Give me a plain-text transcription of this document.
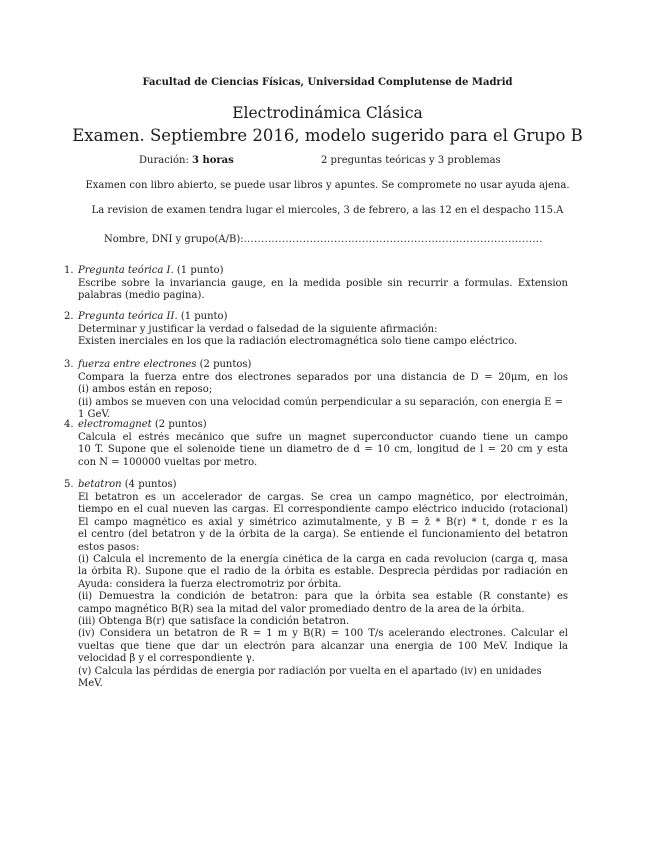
Facultad de Ciencias Físicas, Universidad Complutense de Madrid
Electrodinámica Clásica
Examen. Septiembre 2016, modelo sugerido para el Grupo B
Duración: 3 horas	2 preguntas teóricas y 3 problemas
Examen con libro abierto, se puede usar libros y apuntes. Se compromete no usar ayuda ajena.
La revision de examen tendra lugar el miercoles, 3 de febrero, a las 12 en el despacho 115.A
Nombre, DNI y grupo(A/B):......................................................................................
1. Pregunta teórica I. (1 punto)
Escribe sobre la invariancia gauge, en la medida posible sin recurrir a formulas. Extension
palabras (medio pagina).
2. Pregunta teórica II. (1 punto)
Determinar y justificar la verdad o falsedad de la siguiente afirmación:
Existen inerciales en los que la radiación electromagnética solo tiene campo eléctrico.
3. fuerza entre electrones (2 puntos)
Compara la fuerza entre dos electrones separados por una distancia de D = 20μm, en los
(i) ambos están en reposo;
(ii) ambos se mueven con una velocidad común perpendicular a su separación, con energia E = 1 GeV.
4. electromagnet (2 puntos)
Calcula el estrés mecánico que sufre un magnet superconductor cuando tiene un campo
10 T. Supone que el solenoide tiene un diametro de d = 10 cm, longitud de l = 20 cm y esta
con N = 100000 vueltas por metro.
5. betatron (4 puntos)
El betatron es un accelerador de cargas. Se crea un campo magnético, por electroimán,
tiempo en el cual nueven las cargas. El correspondiente campo eléctrico inducido (rotacional)
El campo magnético es axial y simétrico azimutalmente, y B = ẑ * B(r) * t, donde r es la
el centro (del betatron y de la órbita de la carga). Se entiende el funcionamiento del betatron
estos pasos:
(i) Calcula el incremento de la energía cinética de la carga en cada revolucion (carga q, masa
la órbita R). Supone que el radio de la órbita es estable. Desprecia pérdidas por radiación en
Ayuda: considera la fuerza electromotriz por órbita.
(ii) Demuestra la condición de betatron: para que la órbita sea estable (R constante) es
campo magnético B(R) sea la mitad del valor promediado dentro de la area de la órbita.
(iii) Obtenga B(r) que satisface la condición betatron.
(iv) Considera un betatron de R = 1 m y B(R) = 100 T/s acelerando electrones. Calcular el
vueltas que tiene que dar un electrón para alcanzar una energia de 100 MeV. Indique la
velocidad β y el correspondiente γ.
(v) Calcula las pérdidas de energia por radiación por vuelta en el apartado (iv) en unidades MeV.
